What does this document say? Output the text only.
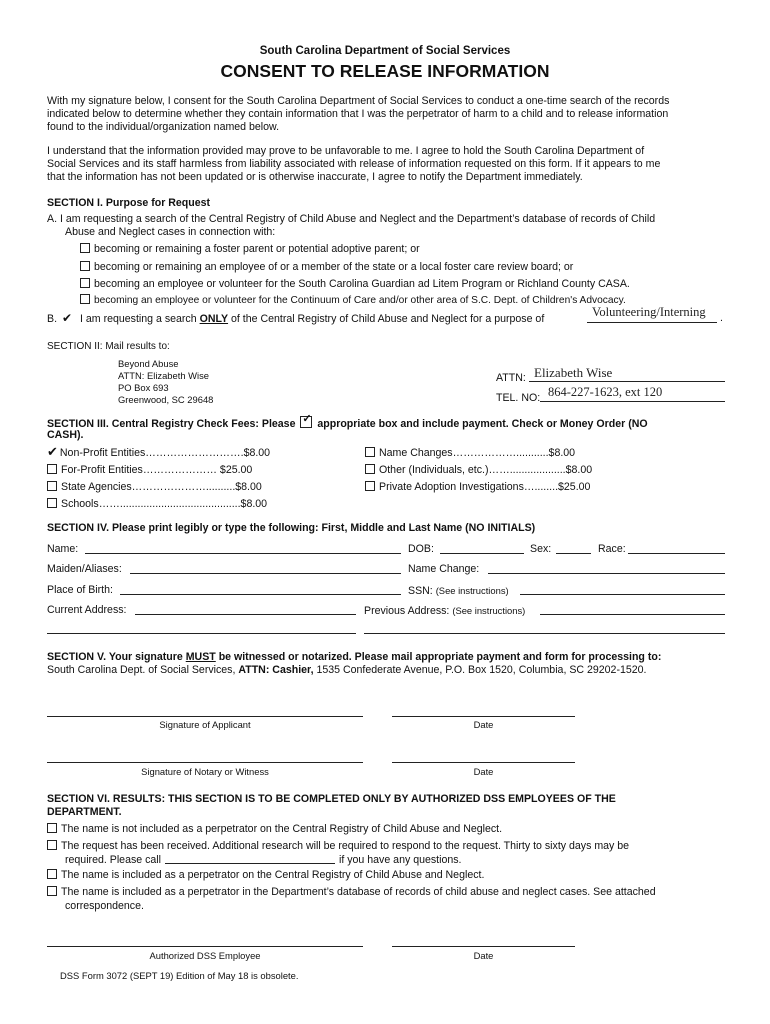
South Carolina Department of Social Services
CONSENT TO RELEASE INFORMATION
With my signature below, I consent for the South Carolina Department of Social Services to conduct a one-time search of the records
indicated below to determine whether they contain information that I was the perpetrator of harm to a child and to release information
found to the individual/organization named below.
I understand that the information provided may prove to be unfavorable to me. I agree to hold the South Carolina Department of
Social Services and its staff harmless from liability associated with release of information requested on this form. If it appears to me
that the information has not been updated or is otherwise inaccurate, I agree to notify the Department immediately.
SECTION I. Purpose for Request
A. I am requesting a search of the Central Registry of Child Abuse and Neglect and the Department’s database of records of Child
Abuse and Neglect cases in connection with:
becoming or remaining a foster parent or potential adoptive parent; or
becoming or remaining an employee of or a member of the state or a local foster care review board; or
becoming an employee or volunteer for the South Carolina Guardian ad Litem Program or Richland County CASA.
becoming an employee or volunteer for the Continuum of Care and/or other area of S.C. Dept. of Children's Advocacy.
B. ✔ I am requesting a search ONLY of the Central Registry of Child Abuse and Neglect for a purpose of	Volunteering/Interning .
SECTION II: Mail results to:
Beyond Abuse
ATTN: Elizabeth Wise
PO Box 693
Greenwood, SC 29648
ATTN: Elizabeth Wise
TEL. NO: 864-227-1623, ext 120
SECTION III. Central Registry Check Fees: Please ✓ appropriate box and include payment. Check or Money Order (NO
CASH).
✔ Non-Profit Entities……………………….$8.00
For-Profit Entities………………… $25.00
State Agencies…………………..........$8.00
Schools…….........................................$8.00
Name Changes………………...........$8.00
Other (Individuals, etc.)……...................$8.00
Private Adoption Investigations…........$25.00
SECTION IV. Please print legibly or type the following: First, Middle and Last Name (NO INITIALS)
Name:	DOB:	Sex:	Race:
Maiden/Aliases:	Name Change:
Place of Birth:	SSN: (See instructions)
Current Address:	Previous Address: (See instructions)
SECTION V. Your signature MUST be witnessed or notarized. Please mail appropriate payment and form for processing to:
South Carolina Dept. of Social Services, ATTN: Cashier, 1535 Confederate Avenue, P.O. Box 1520, Columbia, SC 29202-1520.
Signature of Applicant	Date
Signature of Notary or Witness	Date
SECTION VI. RESULTS: THIS SECTION IS TO BE COMPLETED ONLY BY AUTHORIZED DSS EMPLOYEES OF THE
DEPARTMENT.
The name is not included as a perpetrator on the Central Registry of Child Abuse and Neglect.
The request has been received. Additional research will be required to respond to the request. Thirty to sixty days may be
required. Please call	if you have any questions.
The name is included as a perpetrator on the Central Registry of Child Abuse and Neglect.
The name is included as a perpetrator in the Department’s database of records of child abuse and neglect cases. See attached
correspondence.
Authorized DSS Employee	Date
DSS Form 3072 (SEPT 19) Edition of May 18 is obsolete.
